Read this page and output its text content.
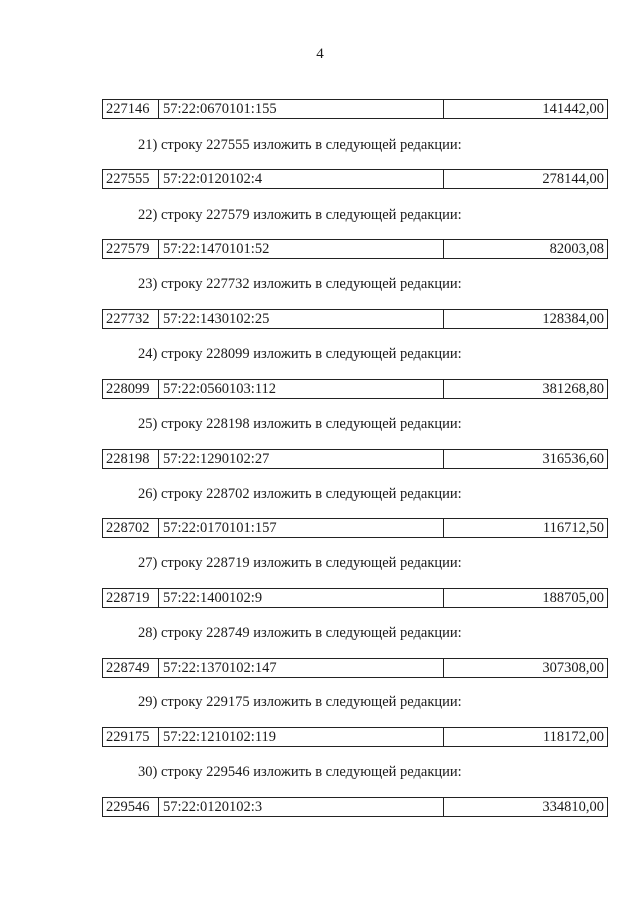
4
227146 57:22:0670101:155	141442,00
21) строку 227555 изложить в следующей редакции:
227555 57:22:0120102:4	278144,00
22) строку 227579 изложить в следующей редакции:
227579 57:22:1470101:52	82003,08
23) строку 227732 изложить в следующей редакции:
227732 57:22:1430102:25	128384,00
24) строку 228099 изложить в следующей редакции:
228099 57:22:0560103:112	381268,80
25) строку 228198 изложить в следующей редакции:
228198 57:22:1290102:27	316536,60
26) строку 228702 изложить в следующей редакции:
228702 57:22:0170101:157	116712,50
27) строку 228719 изложить в следующей редакции:
228719 57:22:1400102:9	188705,00
28) строку 228749 изложить в следующей редакции:
228749 57:22:1370102:147	307308,00
29) строку 229175 изложить в следующей редакции:
229175 57:22:1210102:119	118172,00
30) строку 229546 изложить в следующей редакции:
229546 57:22:0120102:3	334810,00
